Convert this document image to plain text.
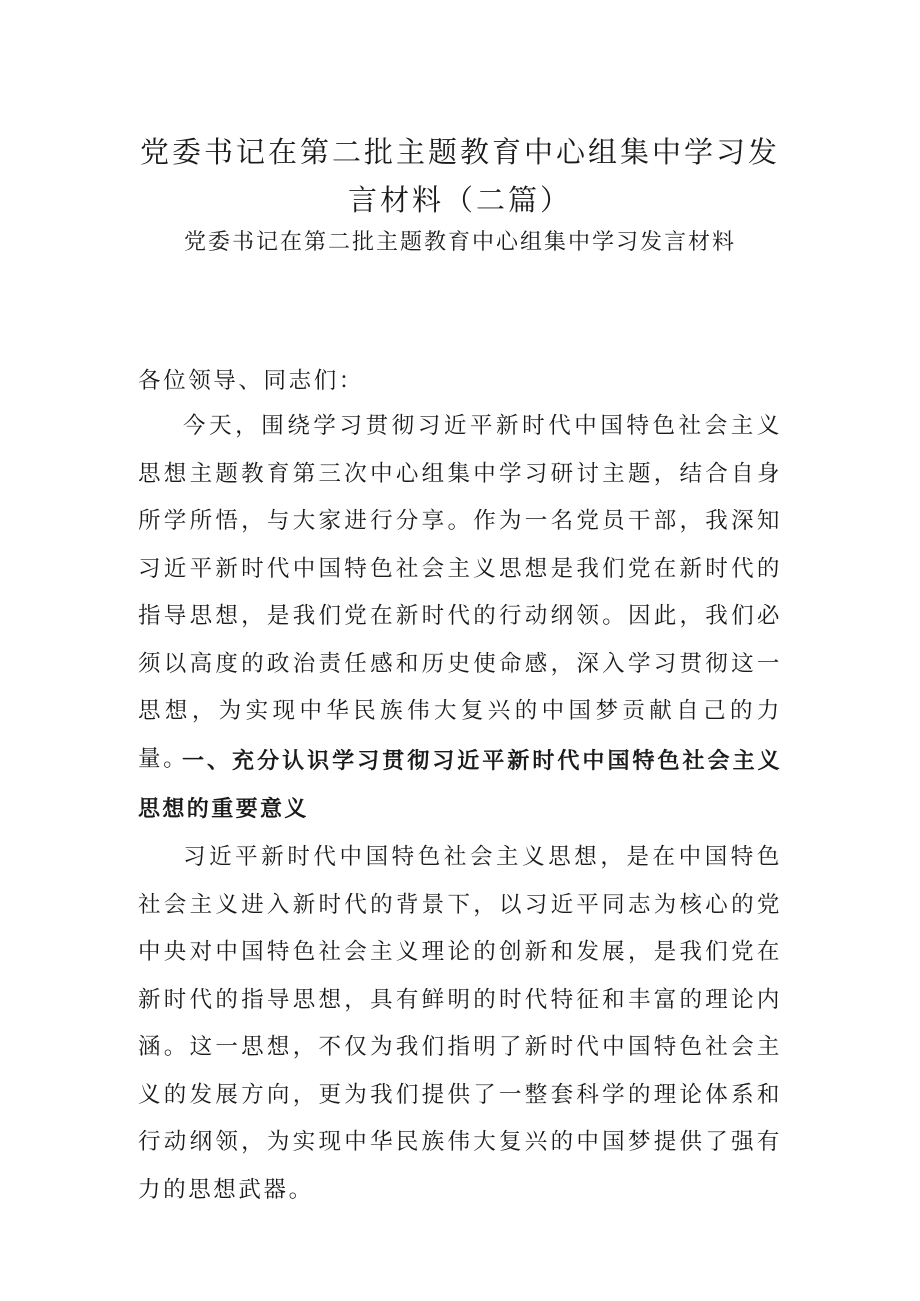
党委书记在第二批主题教育中心组集中学习发言材料（二篇）

党委书记在第二批主题教育中心组集中学习发言材料

各位领导、同志们：

今天，围绕学习贯彻习近平新时代中国特色社会主义思想主题教育第三次中心组集中学习研讨主题，结合自身所学所悟，与大家进行分享。作为一名党员干部，我深知习近平新时代中国特色社会主义思想是我们党在新时代的指导思想，是我们党在新时代的行动纲领。因此，我们必须以高度的政治责任感和历史使命感，深入学习贯彻这一思想，为实现中华民族伟大复兴的中国梦贡献自己的力量。

一、充分认识学习贯彻习近平新时代中国特色社会主义思想的重要意义

习近平新时代中国特色社会主义思想，是在中国特色社会主义进入新时代的背景下，以习近平同志为核心的党中央对中国特色社会主义理论的创新和发展，是我们党在新时代的指导思想，具有鲜明的时代特征和丰富的理论内涵。这一思想，不仅为我们指明了新时代中国特色社会主义的发展方向，更为我们提供了一整套科学的理论体系和行动纲领，为实现中华民族伟大复兴的中国梦提供了强有力的思想武器。
